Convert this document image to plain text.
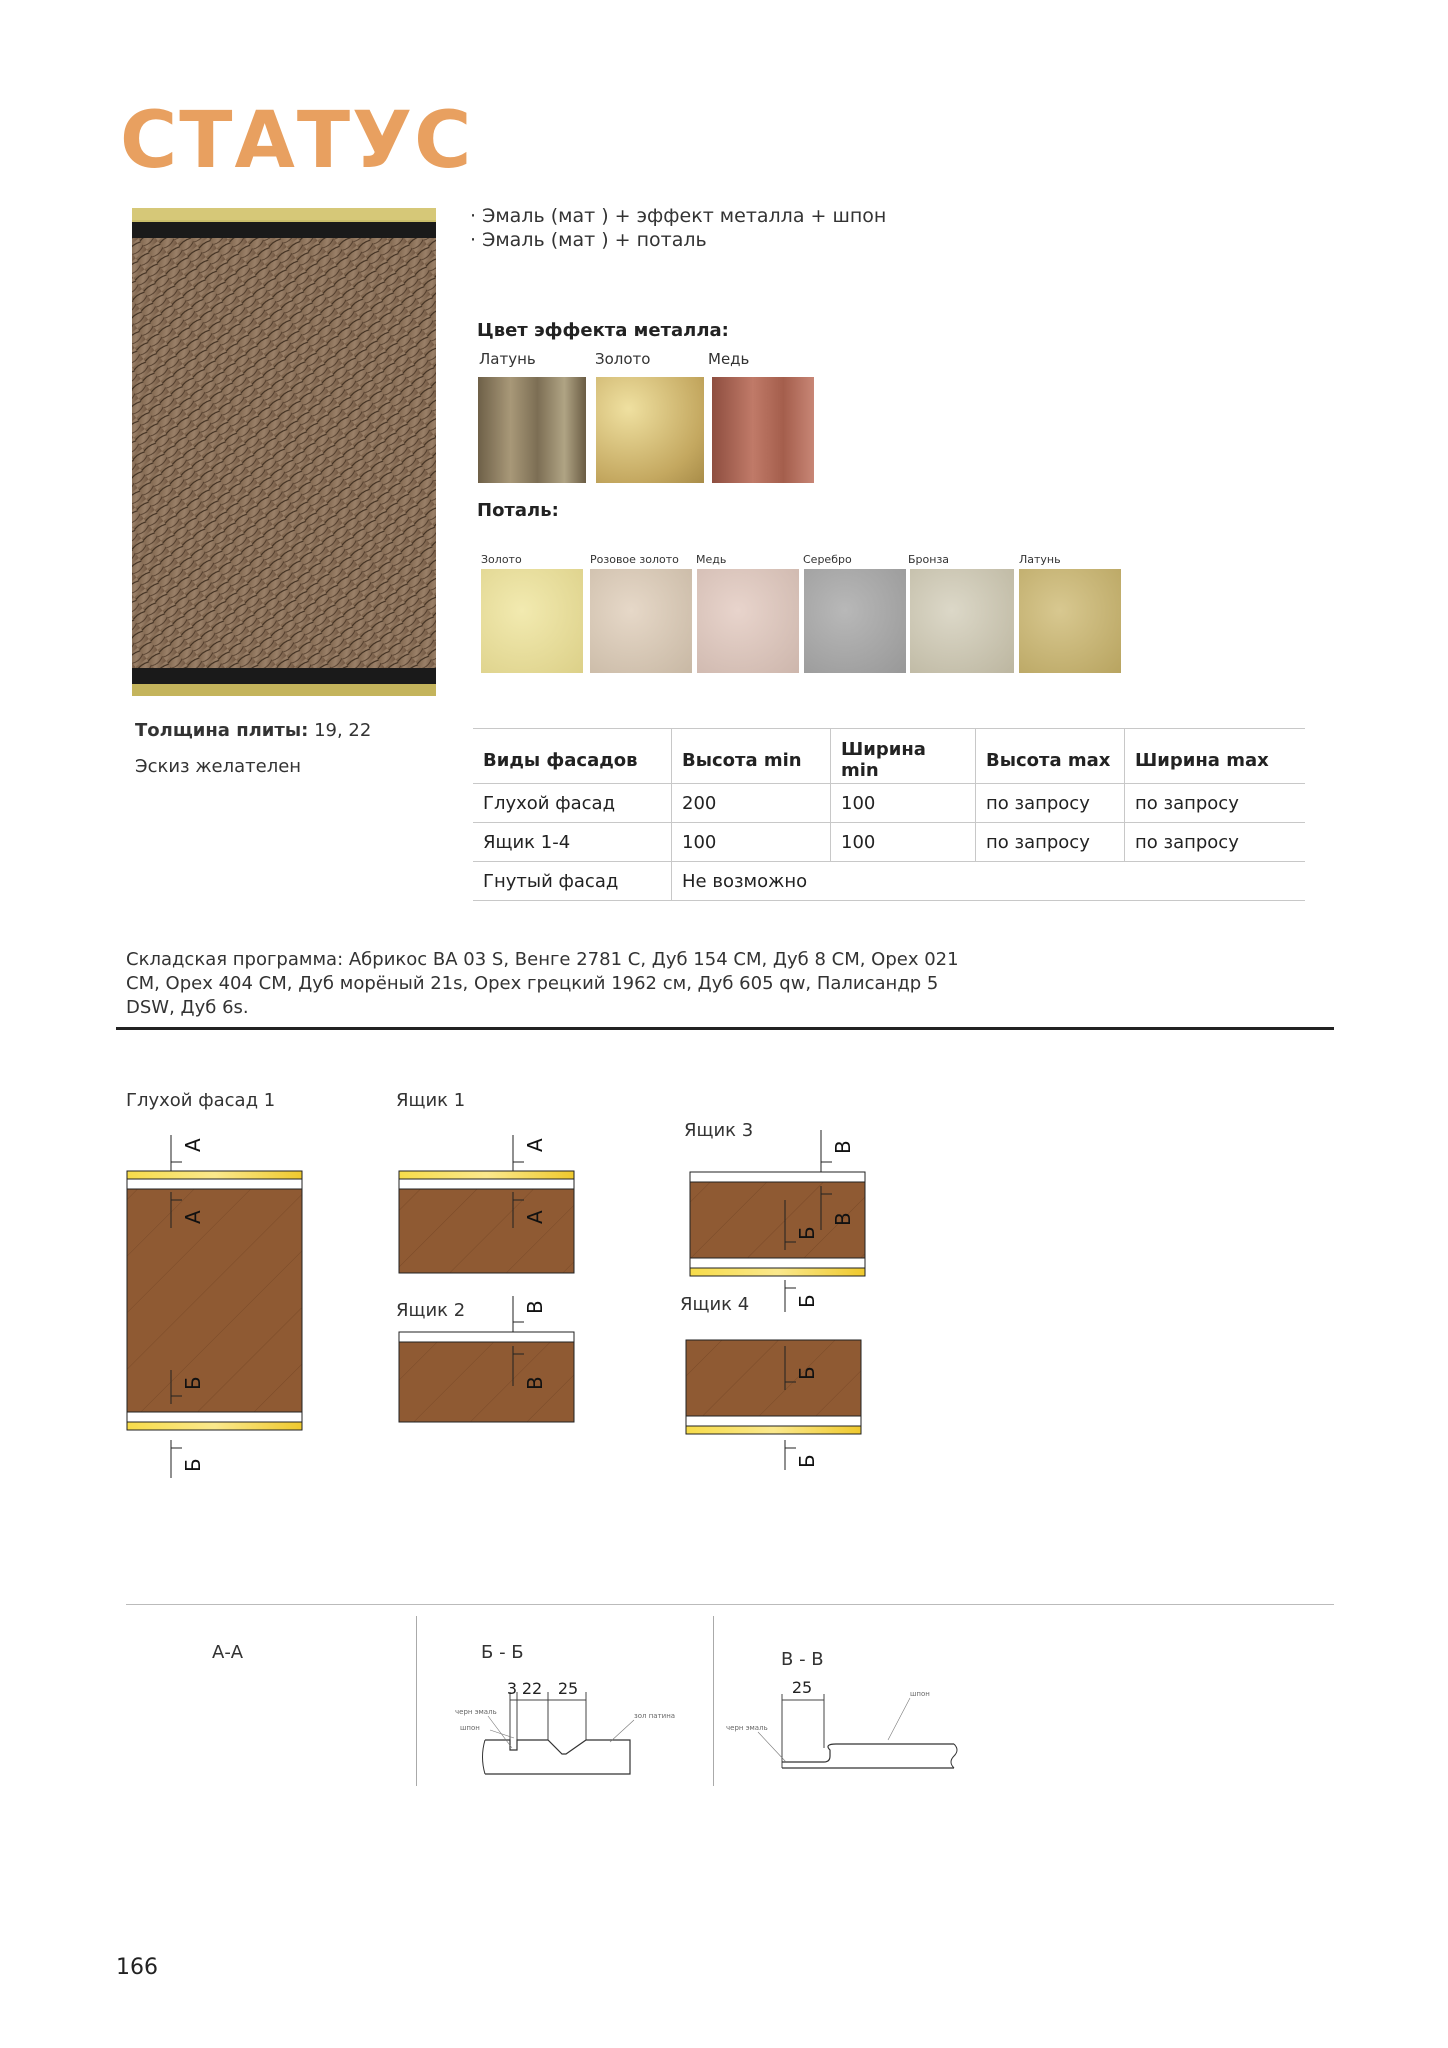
СТАТУС
· Эмаль (мат ) + эффект металла + шпон
· Эмаль (мат ) + поталь
Цвет эффекта металла:
Латунь	Золото	Медь
Поталь:
Золото	Розовое золото Медь	Серебро	Бронза	Латунь
Толщина плиты: 19, 22
Эскиз желателен	Виды фасадов	Высота min	Ширина min	Высота max	Ширина max
Глухой фасад	200	100	по запросу	по запросу
Ящик 1-4	100	100	по запросу	по запросу
Гнутый фасад	Не возможно			
Складская программа: Абрикос BA 03 S, Венге 2781 C, Дуб 154 CM, Дуб 8 CM, Орех 021 CM, Орех 404 CM, Дуб морёный 21s, Орех грецкий 1962 см, Дуб 605 qw, Палисандр 5 DSW, Дуб 6s.
Глухой фасад 1	Ящик 1
Ящик 2
Ящик 3
Ящик 4
А
А
Б
Б
А
А
В
В
В
В
Б
Б
Б
Б
А-А	Б - Б	В - В
3 22 25
черн эмаль
шпон
зол патина
25
черн эмаль
шпон
166
